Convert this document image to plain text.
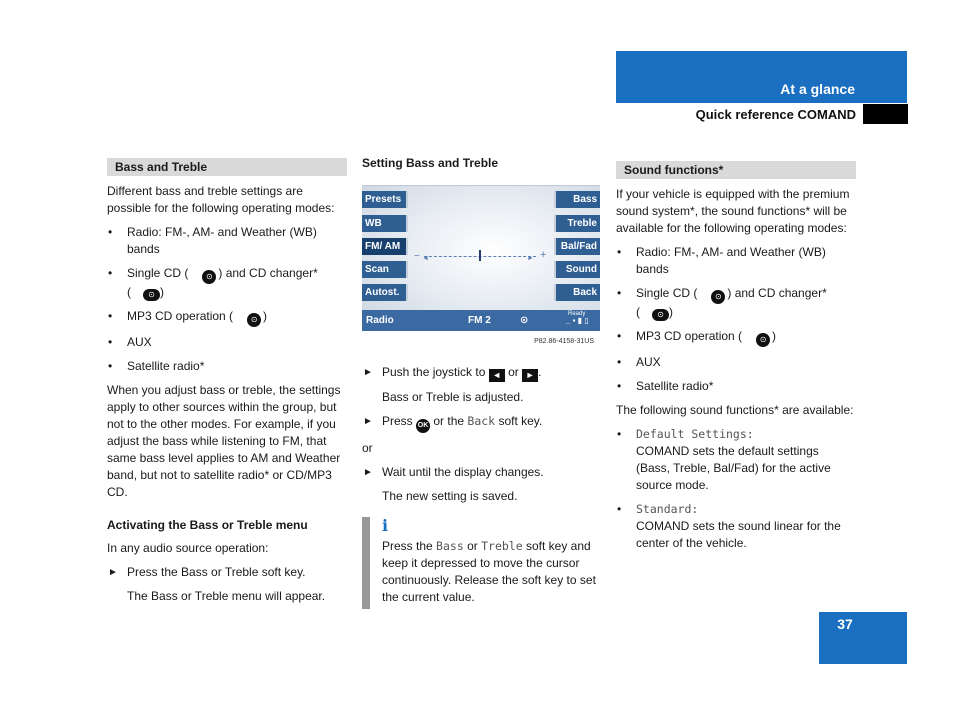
At a glance
Quick reference COMAND
Bass and Treble

Different bass and treble settings are possible for the following operating modes:

• Radio: FM-, AM- and Weather (WB) bands
• Single CD ( ⊙ ) and CD changer*
( ⊙ )
• MP3 CD operation ( ⊙ )
• AUX
• Satellite radio*

When you adjust bass or treble, the settings apply to other sources within the group, but not to the other modes. For example, if you adjust the bass while listening to FM, that same bass level applies to AM and Weather band, but not to satellite radio* or CD/MP3 CD.

Activating the Bass or Treble menu

In any audio source operation:

► Press the Bass or Treble soft key.
The Bass or Treble menu will appear.
Setting Bass and Treble
Presets
WB
FM/ AM
Scan
Autost.
Bass
Treble
Bal/Fad
Sound
Back
− ◄	► +
Radio	FM 2	⊙	_ ▪ ▮ ▯
Ready
P82.86-4158-31US
► Push the joystick to ◄ or ► .
Bass or Treble is adjusted.
► Press OK or the Back soft key.

or

► Wait until the display changes.
The new setting is saved.
i
Press the Bass or Treble soft key and keep it depressed to move the cursor continuously. Release the soft key to set the current value.
Sound functions*

If your vehicle is equipped with the premium sound system*, the sound functions* will be available for the following operating modes:

• Radio: FM-, AM- and Weather (WB) bands
• Single CD ( ⊙ ) and CD changer*
( ⊙ )
• MP3 CD operation ( ⊙ )
• AUX
• Satellite radio*

The following sound functions* are available:

• Default Settings:
COMAND sets the default settings (Bass, Treble, Bal/Fad) for the active source mode.
• Standard:
COMAND sets the sound linear for the center of the vehicle.
37
